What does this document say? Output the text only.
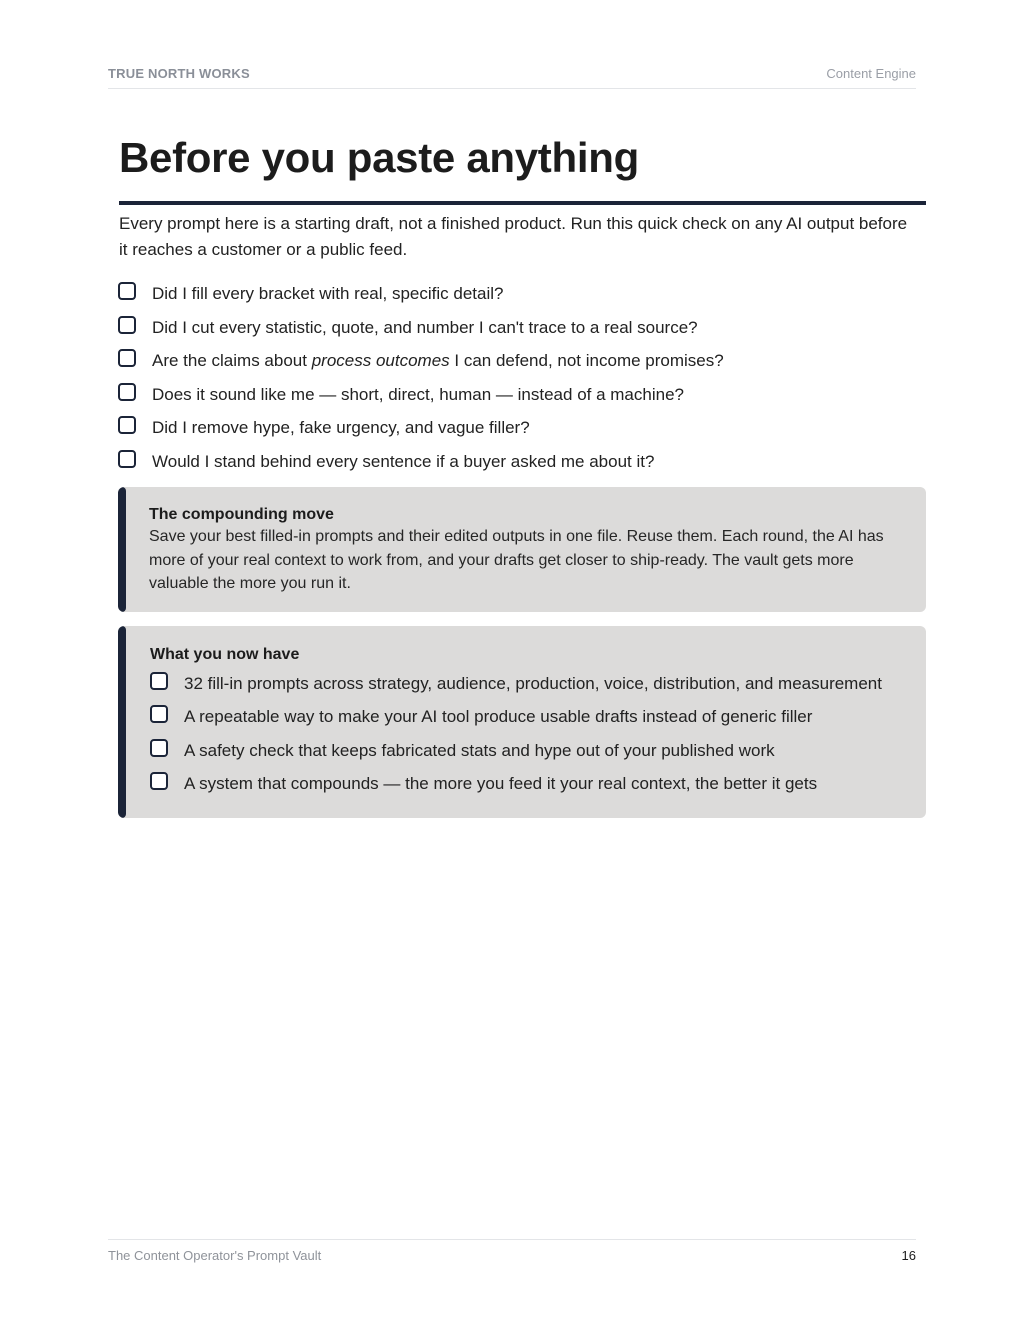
TRUE NORTH WORKS	Content Engine
Before you paste anything

Every prompt here is a starting draft, not a finished product. Run this quick check on any AI output before it reaches a customer or a public feed.

Did I fill every bracket with real, specific detail?
Did I cut every statistic, quote, and number I can't trace to a real source?
Are the claims about process outcomes I can defend, not income promises?
Does it sound like me — short, direct, human — instead of a machine?
Did I remove hype, fake urgency, and vague filler?
Would I stand behind every sentence if a buyer asked me about it?
The compounding move
Save your best filled-in prompts and their edited outputs in one file. Reuse them. Each round, the AI has more of your real context to work from, and your drafts get closer to ship-ready. The vault gets more valuable the more you run it.
What you now have
32 fill-in prompts across strategy, audience, production, voice, distribution, and measurement
A repeatable way to make your AI tool produce usable drafts instead of generic filler
A safety check that keeps fabricated stats and hype out of your published work
A system that compounds — the more you feed it your real context, the better it gets
The Content Operator's Prompt Vault	16
